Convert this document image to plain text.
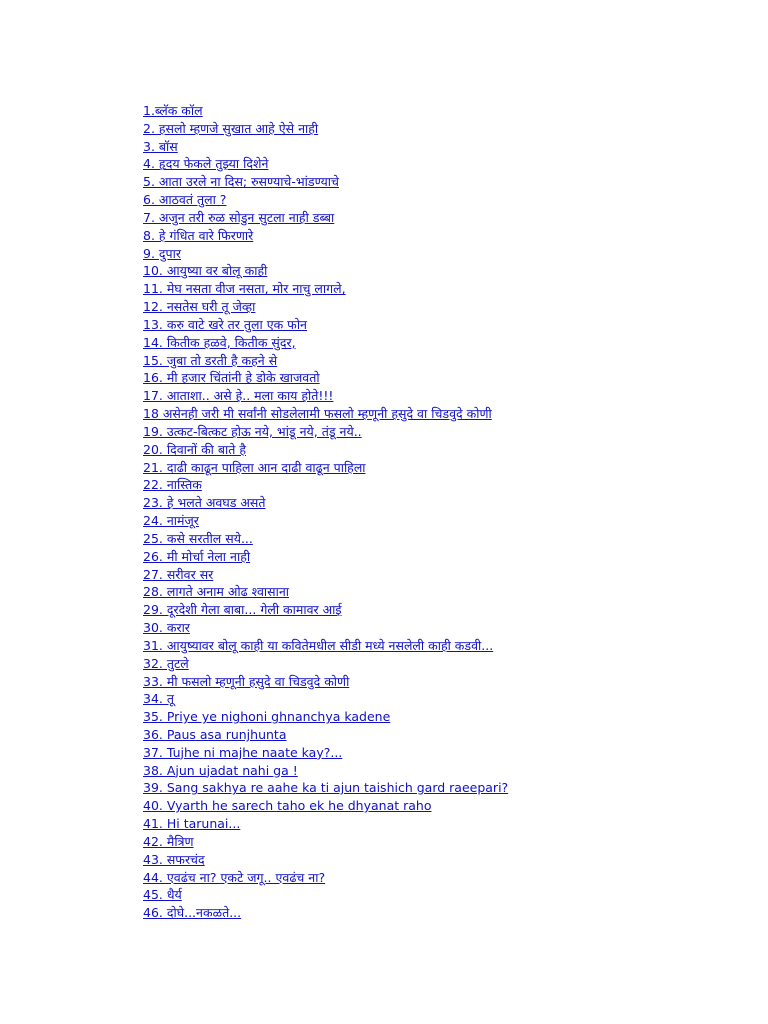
1.ब्लॅक कॉल
2. हसलो म्हणजे सुखात आहे ऐसे नाही
3. बॉस
4. हृदय फेकले तुझ्या दिशेने
5. आता उरले ना दिस; रुसण्याचे-भांडण्याचे
6. आठवतं तुला ?
7. अजुन तरी रुळ सोडुन सुटला नाही डब्बा
8. हे गंधित वारे फिरणारे
9. दुपार
10. आयुष्या वर बोलू काही
11. मेघ नसता वीज नसता, मोर नाचु लागले,
12. नसतेस घरी तू जेव्हा
13. करु वाटे खरे तर तुला एक फोन
14. कितीक हळवे, कितीक सुंदर,
15. जुबा तो डरती है कहने से
16. मी हजार चिंतांनी हे डोके खाजवतो
17. आताशा.. असे हे.. मला काय होते!!!
18 असेनही जरी मी सर्वांनी सोडलेलामी फसलो म्हणूनी हसुदे वा चिडवुदे कोणी
19. उत्कट-बित्कट होऊ नये, भांडू नये, तंडू नये..
20. दिवानों की बाते है
21. दाढी काढून पाहिला आन दाढी वाढून पाहिला
22. नास्तिक
23. हे भलते अवघड असते
24. नामंजूर
25. कसे सरतील सये...
26. मी मोर्चा नेला नाही
27. सरीवर सर
28. लागते अनाम ओढ श्वासाना
29. दूरदेशी गेला बाबा... गेली कामावर आई
30. करार
31. आयुष्यावर बोलू काही या कवितेमधील सीडी मध्ये नसलेली काही कडवी...
32. तुटले
33. मी फसलो म्हणूनी हसुदे वा चिडवुदे कोणी
34. तू
35. Priye ye nighoni ghnanchya kadene
36. Paus asa runjhunta
37. Tujhe ni majhe naate kay?...
38. Ajun ujadat nahi ga !
39. Sang sakhya re aahe ka ti ajun taishich gard raeepari?
40. Vyarth he sarech taho ek he dhyanat raho
41. Hi tarunai...
42. मैत्रिण
43. सफरचंद
44. एवढंच ना? एकटे जगू.. एवढंच ना?
45. धैर्य
46. दोघे...नकळते...
